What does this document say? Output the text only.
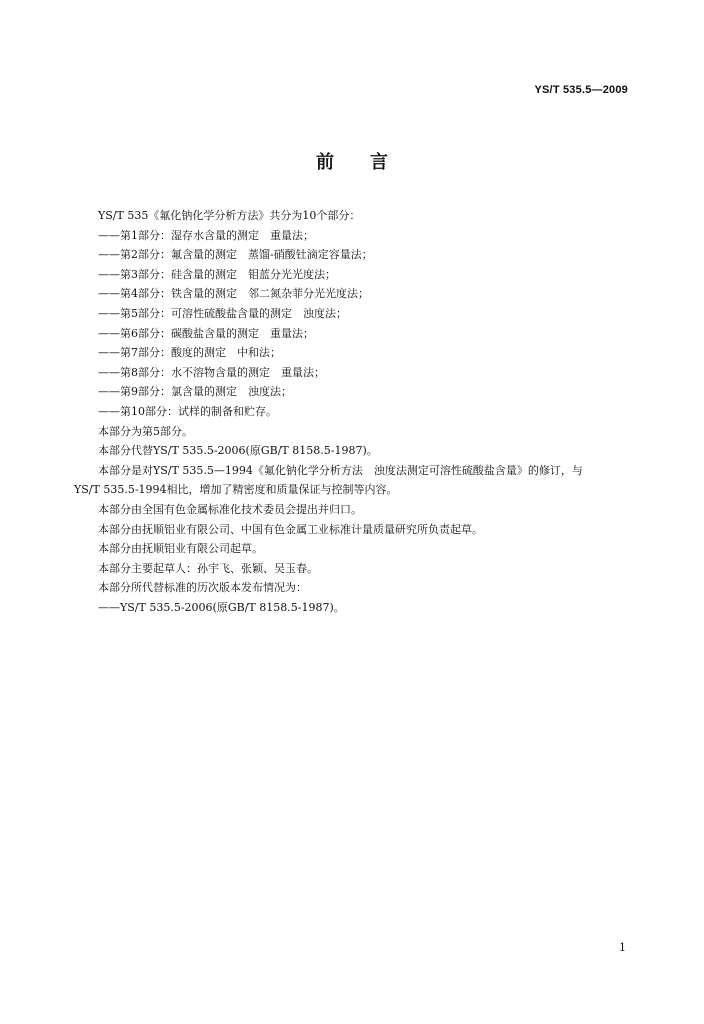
YS/T 535.5—2009
前言
YS/T 535《氟化钠化学分析方法》共分为10个部分：
——第1部分：湿存水含量的测定　重量法；
——第2部分：氟含量的测定　蒸馏-硝酸钍滴定容量法；
——第3部分：硅含量的测定　钼蓝分光光度法；
——第4部分：铁含量的测定　邻二氮杂菲分光光度法；
——第5部分：可溶性硫酸盐含量的测定　浊度法；
——第6部分：碳酸盐含量的测定　重量法；
——第7部分：酸度的测定　中和法；
——第8部分：水不溶物含量的测定　重量法；
——第9部分：氯含量的测定　浊度法；
——第10部分：试样的制备和贮存。
本部分为第5部分。
本部分代替YS/T 535.5-2006(原GB/T 8158.5-1987)。
本部分是对YS/T 535.5—1994《氟化钠化学分析方法　浊度法测定可溶性硫酸盐含量》的修订，与
YS/T 535.5-1994相比，增加了精密度和质量保证与控制等内容。
本部分由全国有色金属标准化技术委员会提出并归口。
本部分由抚顺铝业有限公司、中国有色金属工业标准计量质量研究所负责起草。
本部分由抚顺铝业有限公司起草。
本部分主要起草人：孙宇飞、张颖、吴玉春。
本部分所代替标准的历次版本发布情况为：
——YS/T 535.5-2006(原GB/T 8158.5-1987)。
1
